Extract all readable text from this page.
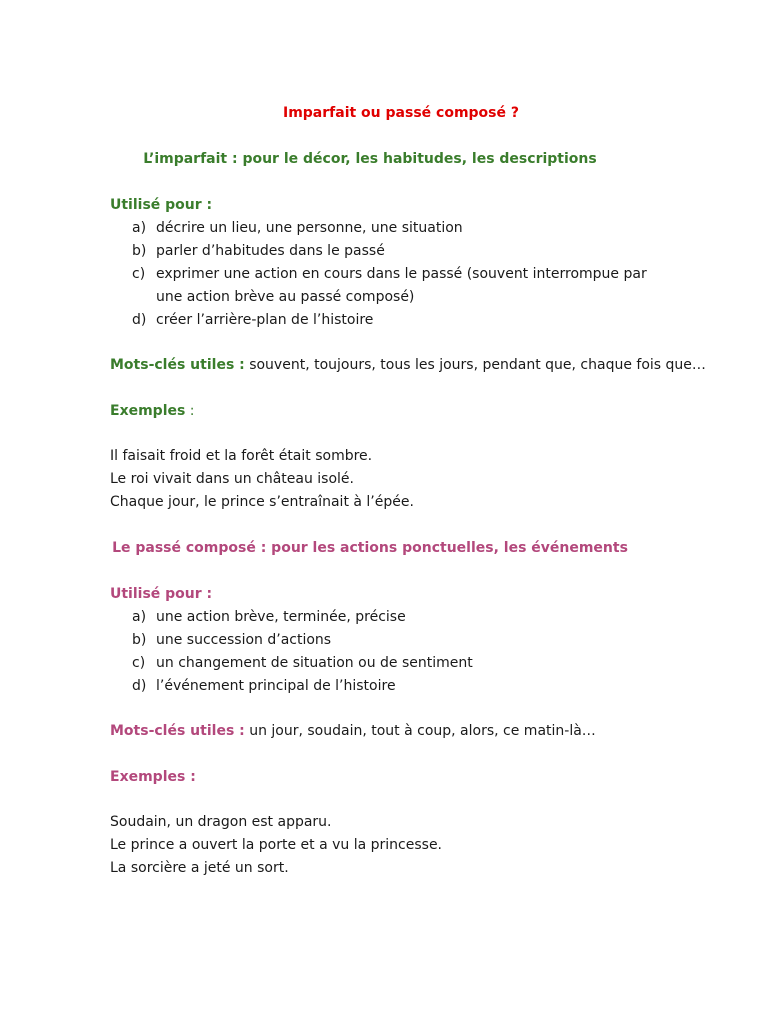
Imparfait ou passé composé ?
L’imparfait : pour le décor, les habitudes, les descriptions
Utilisé pour :
a) décrire un lieu, une personne, une situation
b) parler d’habitudes dans le passé
c) exprimer une action en cours dans le passé (souvent interrompue par une action brève au passé composé)
d) créer l’arrière-plan de l’histoire
Mots-clés utiles : souvent, toujours, tous les jours, pendant que, chaque fois que…
Exemples :
Il faisait froid et la forêt était sombre.
Le roi vivait dans un château isolé.
Chaque jour, le prince s’entraînait à l’épée.
Le passé composé : pour les actions ponctuelles, les événements
Utilisé pour :
a) une action brève, terminée, précise
b) une succession d’actions
c) un changement de situation ou de sentiment
d) l’événement principal de l’histoire
Mots-clés utiles : un jour, soudain, tout à coup, alors, ce matin-là…
Exemples :
Soudain, un dragon est apparu.
Le prince a ouvert la porte et a vu la princesse.
La sorcière a jeté un sort.
